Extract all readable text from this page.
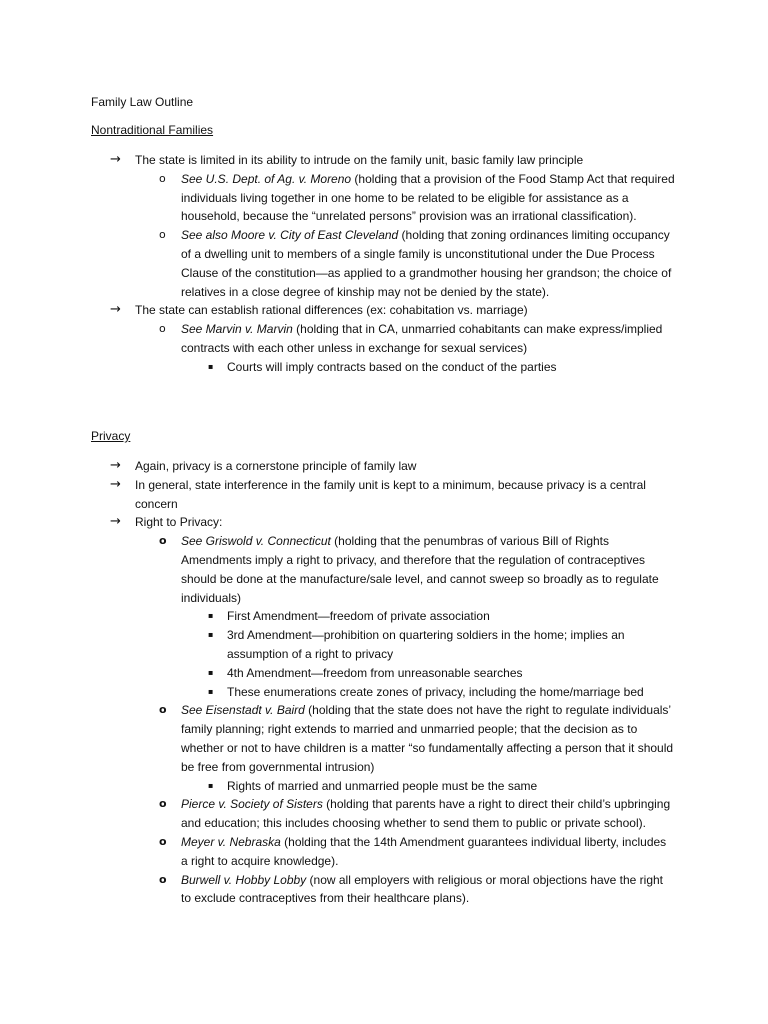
Family Law Outline
Nontraditional Families
→ The state is limited in its ability to intrude on the family unit, basic family law principle
o See U.S. Dept. of Ag. v. Moreno (holding that a provision of the Food Stamp Act that required individuals living together in one home to be related to be eligible for assistance as a household, because the “unrelated persons” provision was an irrational classification).
o See also Moore v. City of East Cleveland (holding that zoning ordinances limiting occupancy of a dwelling unit to members of a single family is unconstitutional under the Due Process Clause of the constitution—as applied to a grandmother housing her grandson; the choice of relatives in a close degree of kinship may not be denied by the state).
→ The state can establish rational differences (ex: cohabitation vs. marriage)
o See Marvin v. Marvin (holding that in CA, unmarried cohabitants can make express/implied contracts with each other unless in exchange for sexual services)
▪ Courts will imply contracts based on the conduct of the parties
Privacy
→ Again, privacy is a cornerstone principle of family law
→ In general, state interference in the family unit is kept to a minimum, because privacy is a central concern
→ Right to Privacy:
o See Griswold v. Connecticut (holding that the penumbras of various Bill of Rights Amendments imply a right to privacy, and therefore that the regulation of contraceptives should be done at the manufacture/sale level, and cannot sweep so broadly as to regulate individuals)
▪ First Amendment—freedom of private association
▪ 3rd Amendment—prohibition on quartering soldiers in the home; implies an assumption of a right to privacy
▪ 4th Amendment—freedom from unreasonable searches
▪ These enumerations create zones of privacy, including the home/marriage bed
o See Eisenstadt v. Baird (holding that the state does not have the right to regulate individuals’ family planning; right extends to married and unmarried people; that the decision as to whether or not to have children is a matter “so fundamentally affecting a person that it should be free from governmental intrusion)
▪ Rights of married and unmarried people must be the same
o Pierce v. Society of Sisters (holding that parents have a right to direct their child’s upbringing and education; this includes choosing whether to send them to public or private school).
o Meyer v. Nebraska (holding that the 14th Amendment guarantees individual liberty, includes a right to acquire knowledge).
o Burwell v. Hobby Lobby (now all employers with religious or moral objections have the right to exclude contraceptives from their healthcare plans).
